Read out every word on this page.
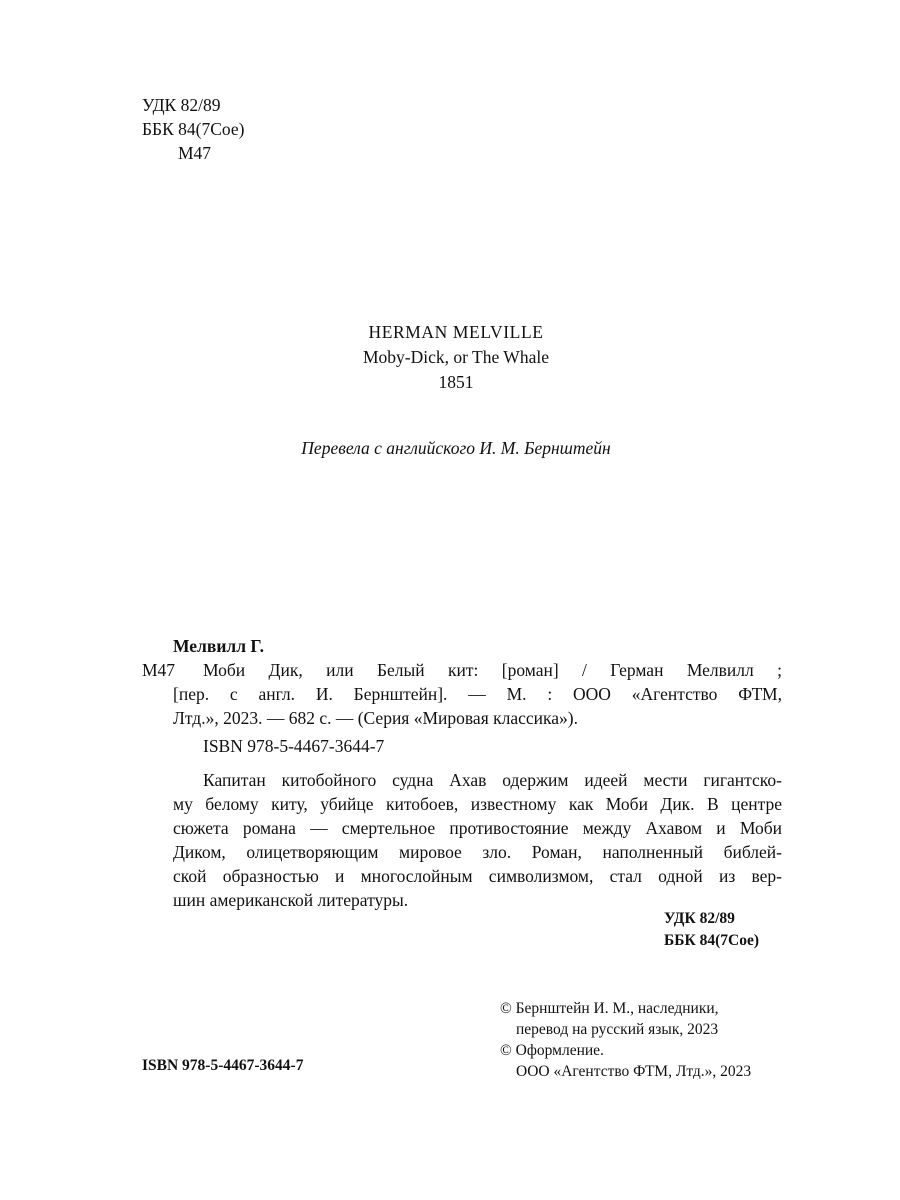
УДК 82/89
ББК 84(7Сое)
М47
HERMAN MELVILLE
Moby-Dick, or The Whale
1851
Перевела с английского И. М. Бернштейн
Мелвилл Г.
М47	Моби Дик, или Белый кит: [роман] / Герман Мелвилл ;
[пер. с англ. И. Бернштейн]. — М. : ООО «Агентство ФТМ,
Лтд.», 2023. — 682 с. — (Серия «Мировая классика»).
ISBN 978-5-4467-3644-7
Капитан китобойного судна Ахав одержим идеей мести гигантско-
му белому киту, убийце китобоев, известному как Моби Дик. В центре
сюжета романа — смертельное противостояние между Ахавом и Моби
Диком, олицетворяющим мировое зло. Роман, наполненный библей-
ской образностью и многослойным символизмом, стал одной из вер-
шин американской литературы.
УДК 82/89
ББК 84(7Сое)
© Бернштейн И. М., наследники,
перевод на русский язык, 2023
© Оформление.
ООО «Агентство ФТМ, Лтд.», 2023
ISBN 978-5-4467-3644-7
